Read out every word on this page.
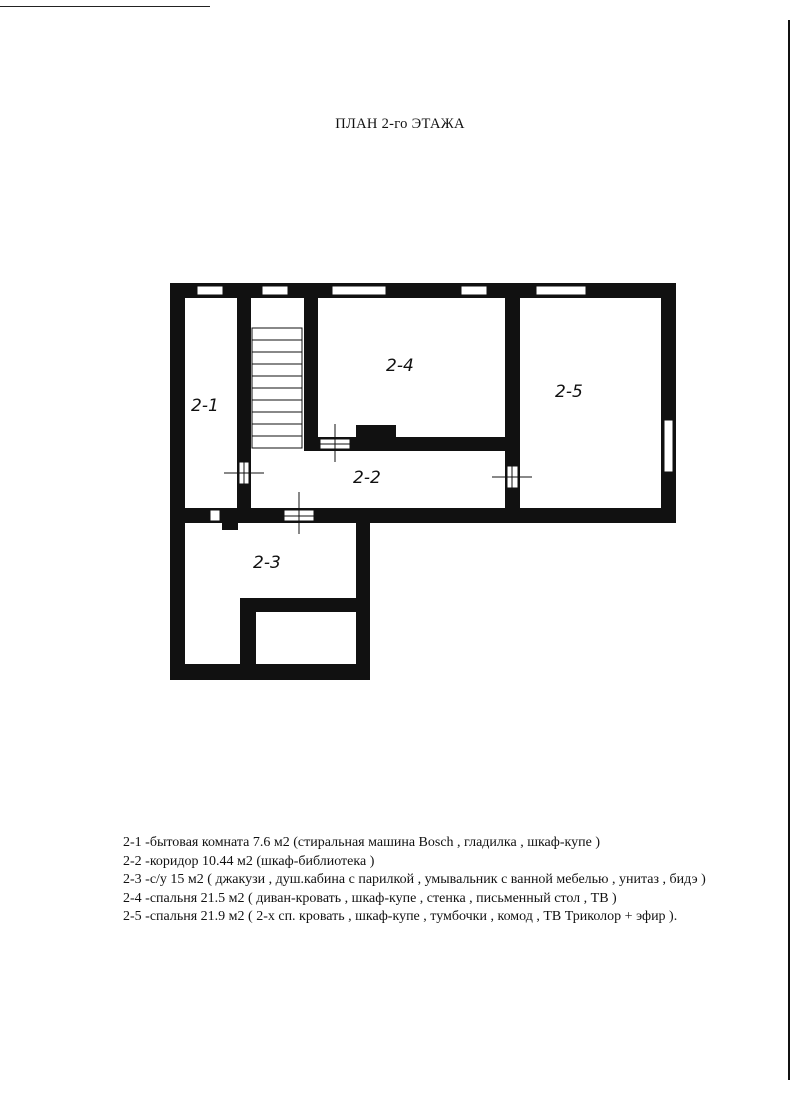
ПЛАН 2-го ЭТАЖА
2-1
2-2
2-3
2-4
2-5

2-1 -бытовая комната 7.6 м2 (стиральная машина Bosch , гладилка , шкаф-купе )

2-2 -коридор 10.44 м2 (шкаф-библиотека )

2-3 -с/у 15 м2 ( джакузи , душ.кабина с парилкой , умывальник с ванной мебелью , унитаз , бидэ )

2-4 -спальня 21.5 м2 ( диван-кровать , шкаф-купе , стенка , письменный стол , ТВ )

2-5 -спальня 21.9 м2 ( 2-х сп. кровать , шкаф-купе , тумбочки , комод , ТВ Триколор + эфир ).
